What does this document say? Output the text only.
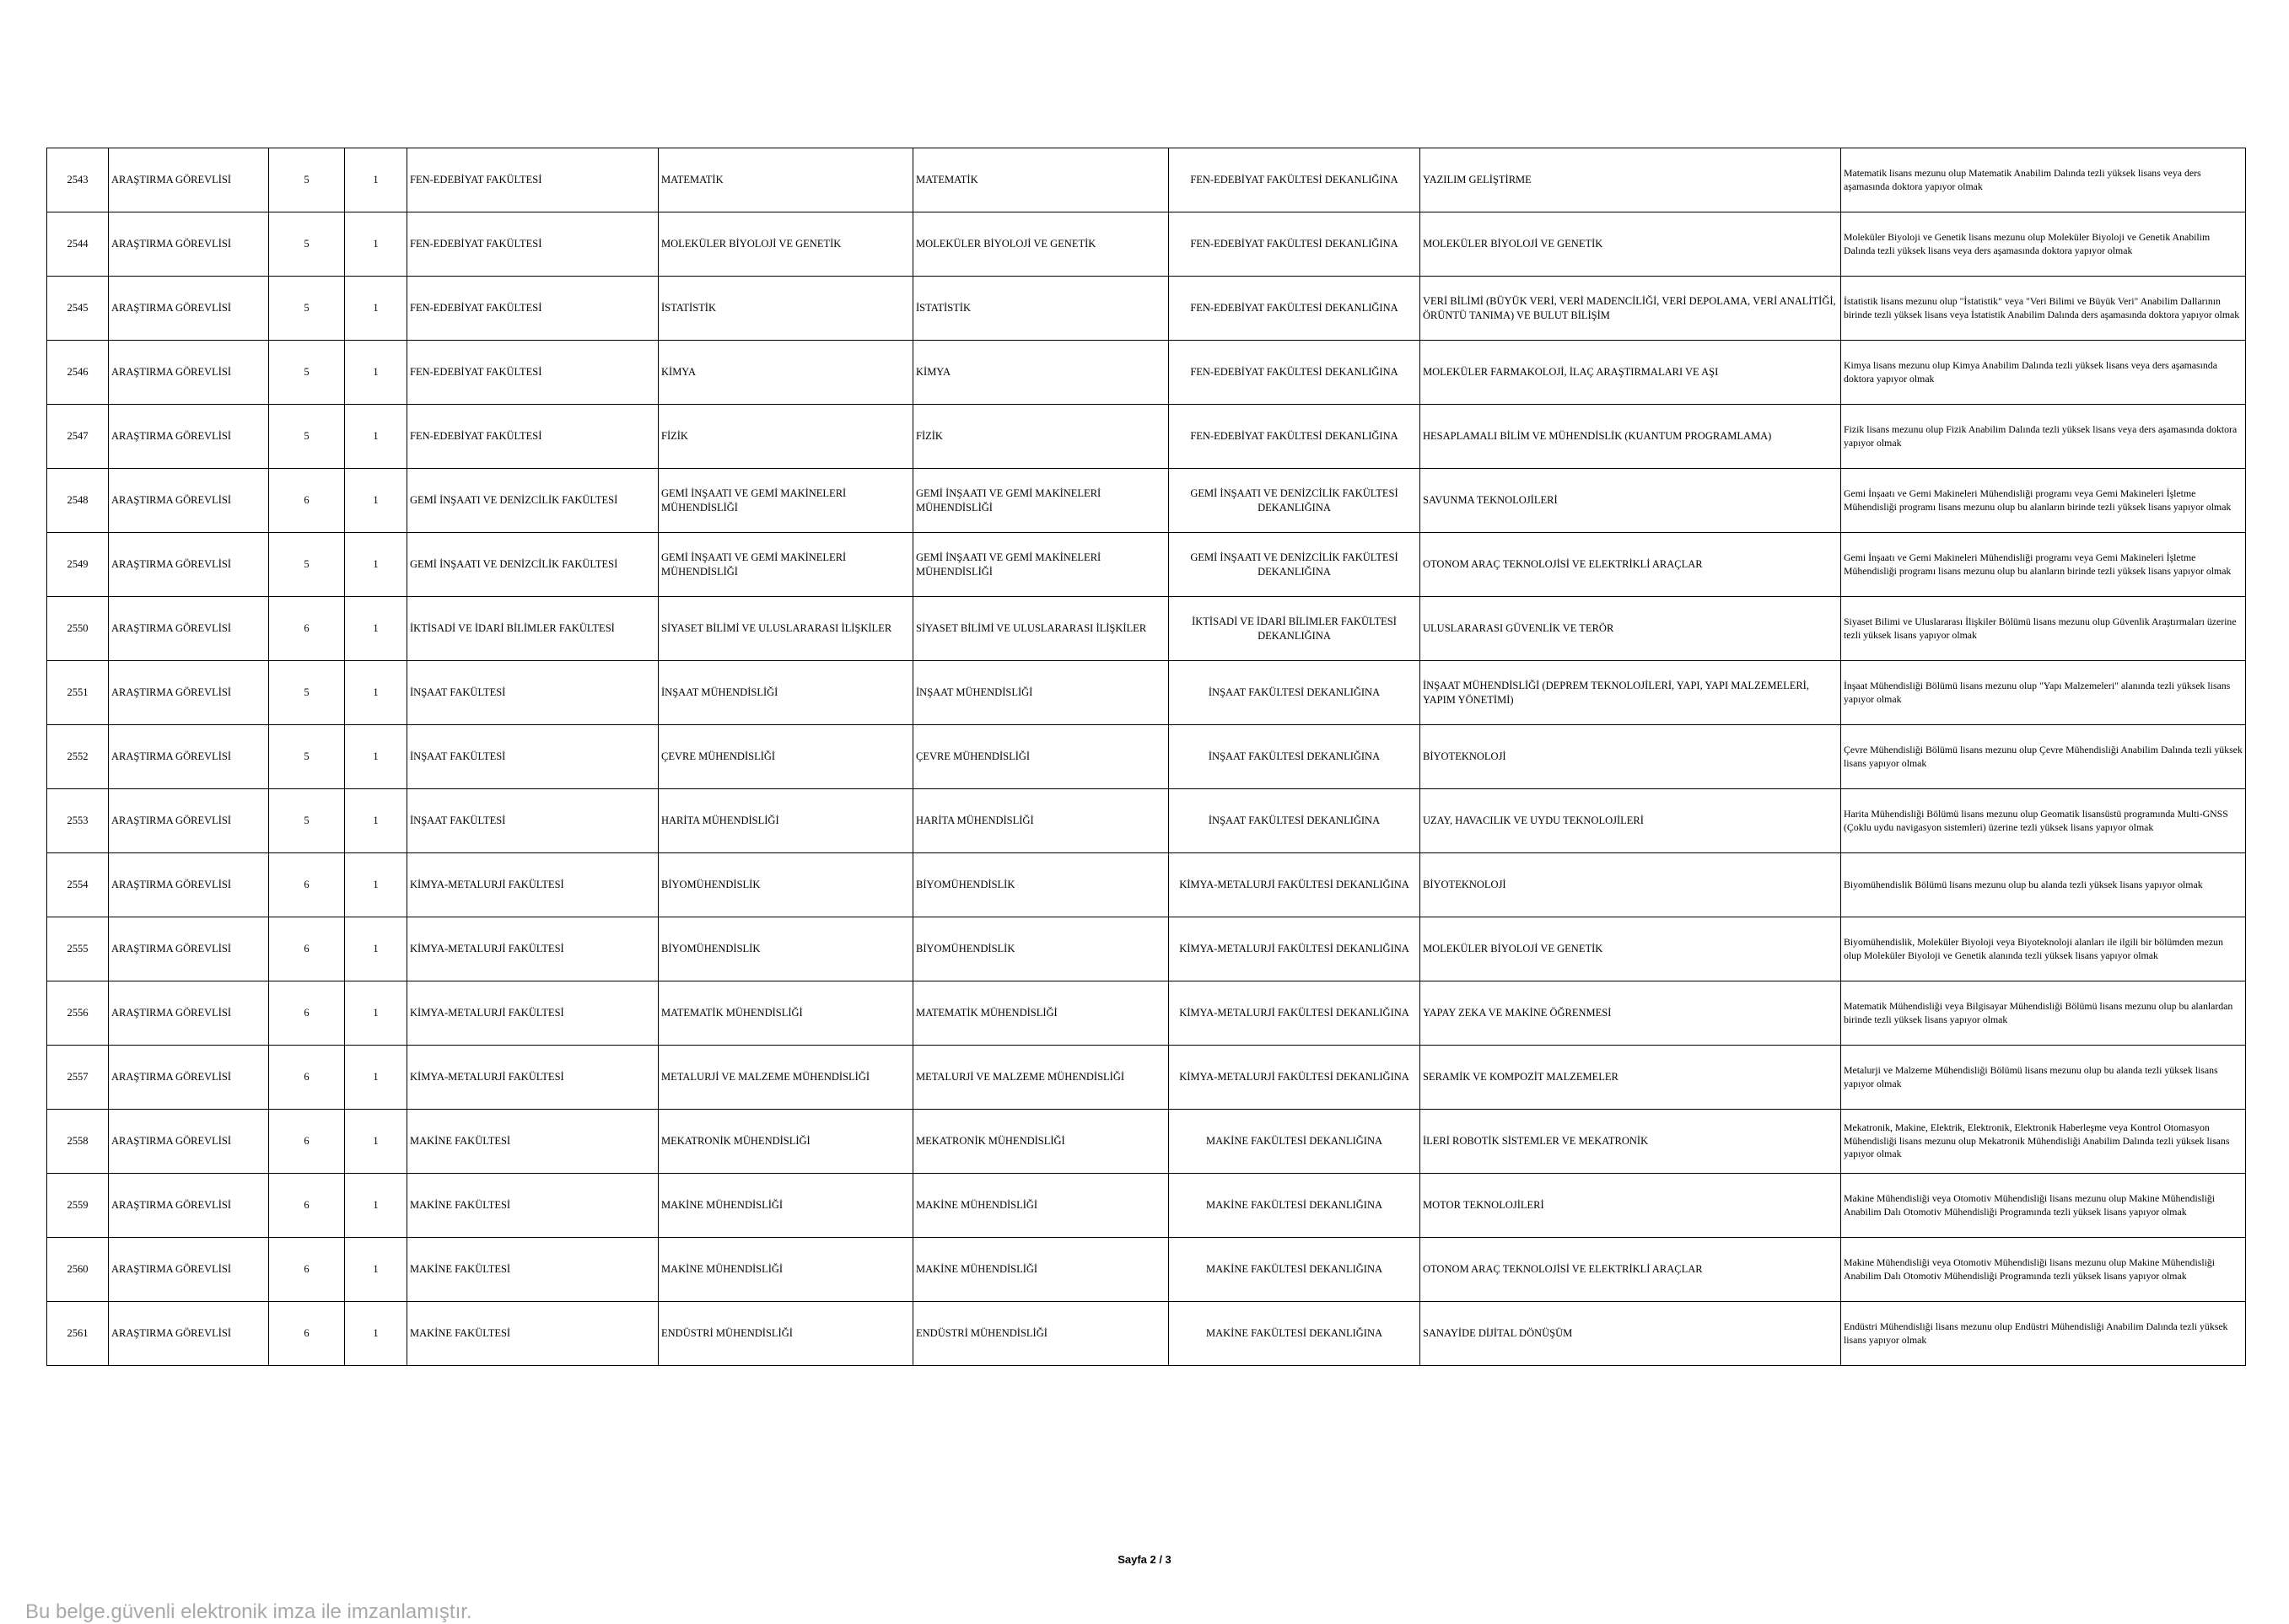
2543	ARAŞTIRMA GÖREVLİSİ	5	1	FEN-EDEBİYAT FAKÜLTESİ	MATEMATİK	MATEMATİK	FEN-EDEBİYAT FAKÜLTESİ DEKANLIĞINA	YAZILIM GELİŞTİRME	Matematik lisans mezunu olup Matematik Anabilim Dalında tezli yüksek lisans veya ders aşamasında doktora yapıyor olmak
2544	ARAŞTIRMA GÖREVLİSİ	5	1	FEN-EDEBİYAT FAKÜLTESİ	MOLEKÜLER BİYOLOJİ VE GENETİK	MOLEKÜLER BİYOLOJİ VE GENETİK	FEN-EDEBİYAT FAKÜLTESİ DEKANLIĞINA	MOLEKÜLER BİYOLOJİ VE GENETİK	Moleküler Biyoloji ve Genetik lisans mezunu olup Moleküler Biyoloji ve Genetik Anabilim Dalında tezli yüksek lisans veya ders aşamasında doktora yapıyor olmak
2545	ARAŞTIRMA GÖREVLİSİ	5	1	FEN-EDEBİYAT FAKÜLTESİ	İSTATİSTİK	İSTATİSTİK	FEN-EDEBİYAT FAKÜLTESİ DEKANLIĞINA	VERİ BİLİMİ (BÜYÜK VERİ, VERİ MADENCİLİĞİ, VERİ DEPOLAMA, VERİ ANALİTİĞİ, ÖRÜNTÜ TANIMA) VE BULUT BİLİŞİM	İstatistik lisans mezunu olup "İstatistik" veya "Veri Bilimi ve Büyük Veri" Anabilim Dallarının birinde tezli yüksek lisans veya İstatistik Anabilim Dalında ders aşamasında doktora yapıyor olmak
2546	ARAŞTIRMA GÖREVLİSİ	5	1	FEN-EDEBİYAT FAKÜLTESİ	KİMYA	KİMYA	FEN-EDEBİYAT FAKÜLTESİ DEKANLIĞINA	MOLEKÜLER FARMAKOLOJİ, İLAÇ ARAŞTIRMALARI VE AŞI	Kimya lisans mezunu olup Kimya Anabilim Dalında tezli yüksek lisans veya ders aşamasında doktora yapıyor olmak
2547	ARAŞTIRMA GÖREVLİSİ	5	1	FEN-EDEBİYAT FAKÜLTESİ	FİZİK	FİZİK	FEN-EDEBİYAT FAKÜLTESİ DEKANLIĞINA	HESAPLAMALI BİLİM VE MÜHENDİSLİK (KUANTUM PROGRAMLAMA)	Fizik lisans mezunu olup Fizik Anabilim Dalında tezli yüksek lisans veya ders aşamasında doktora yapıyor olmak
2548	ARAŞTIRMA GÖREVLİSİ	6	1	GEMİ İNŞAATI VE DENİZCİLİK FAKÜLTESİ	GEMİ İNŞAATI VE GEMİ MAKİNELERİ MÜHENDİSLİĞİ	GEMİ İNŞAATI VE GEMİ MAKİNELERİ MÜHENDİSLİĞİ	GEMİ İNŞAATI VE DENİZCİLİK FAKÜLTESİ DEKANLIĞINA	SAVUNMA TEKNOLOJİLERİ	Gemi İnşaatı ve Gemi Makineleri Mühendisliği programı veya Gemi Makineleri İşletme Mühendisliği programı lisans mezunu olup bu alanların birinde tezli yüksek lisans yapıyor olmak
2549	ARAŞTIRMA GÖREVLİSİ	5	1	GEMİ İNŞAATI VE DENİZCİLİK FAKÜLTESİ	GEMİ İNŞAATI VE GEMİ MAKİNELERİ MÜHENDİSLİĞİ	GEMİ İNŞAATI VE GEMİ MAKİNELERİ MÜHENDİSLİĞİ	GEMİ İNŞAATI VE DENİZCİLİK FAKÜLTESİ DEKANLIĞINA	OTONOM ARAÇ TEKNOLOJİSİ VE ELEKTRİKLİ ARAÇLAR	Gemi İnşaatı ve Gemi Makineleri Mühendisliği programı veya Gemi Makineleri İşletme Mühendisliği programı lisans mezunu olup bu alanların birinde tezli yüksek lisans yapıyor olmak
2550	ARAŞTIRMA GÖREVLİSİ	6	1	İKTİSADİ VE İDARİ BİLİMLER FAKÜLTESİ	SİYASET BİLİMİ VE ULUSLARARASI İLİŞKİLER	SİYASET BİLİMİ VE ULUSLARARASI İLİŞKİLER	İKTİSADİ VE İDARİ BİLİMLER FAKÜLTESİ DEKANLIĞINA	ULUSLARARASI GÜVENLİK VE TERÖR	Siyaset Bilimi ve Uluslararası İlişkiler Bölümü lisans mezunu olup Güvenlik Araştırmaları üzerine tezli yüksek lisans yapıyor olmak
2551	ARAŞTIRMA GÖREVLİSİ	5	1	İNŞAAT FAKÜLTESİ	İNŞAAT MÜHENDİSLİĞİ	İNŞAAT MÜHENDİSLİĞİ	İNŞAAT FAKÜLTESİ DEKANLIĞINA	İNŞAAT MÜHENDİSLİĞİ (DEPREM TEKNOLOJİLERİ, YAPI, YAPI MALZEMELERİ, YAPIM YÖNETİMİ)	İnşaat Mühendisliği Bölümü lisans mezunu olup "Yapı Malzemeleri" alanında tezli yüksek lisans yapıyor olmak
2552	ARAŞTIRMA GÖREVLİSİ	5	1	İNŞAAT FAKÜLTESİ	ÇEVRE MÜHENDİSLİĞİ	ÇEVRE MÜHENDİSLİĞİ	İNŞAAT FAKÜLTESİ DEKANLIĞINA	BİYOTEKNOLOJİ	Çevre Mühendisliği Bölümü lisans mezunu olup Çevre Mühendisliği Anabilim Dalında tezli yüksek lisans yapıyor olmak
2553	ARAŞTIRMA GÖREVLİSİ	5	1	İNŞAAT FAKÜLTESİ	HARİTA MÜHENDİSLİĞİ	HARİTA MÜHENDİSLİĞİ	İNŞAAT FAKÜLTESİ DEKANLIĞINA	UZAY, HAVACILIK VE UYDU TEKNOLOJİLERİ	Harita Mühendisliği Bölümü lisans mezunu olup Geomatik lisansüstü programında Multi-GNSS (Çoklu uydu navigasyon sistemleri) üzerine tezli yüksek lisans yapıyor olmak
2554	ARAŞTIRMA GÖREVLİSİ	6	1	KİMYA-METALURJİ FAKÜLTESİ	BİYOMÜHENDİSLİK	BİYOMÜHENDİSLİK	KİMYA-METALURJİ FAKÜLTESİ DEKANLIĞINA	BİYOTEKNOLOJİ	Biyomühendislik Bölümü lisans mezunu olup bu alanda tezli yüksek lisans yapıyor olmak
2555	ARAŞTIRMA GÖREVLİSİ	6	1	KİMYA-METALURJİ FAKÜLTESİ	BİYOMÜHENDİSLİK	BİYOMÜHENDİSLİK	KİMYA-METALURJİ FAKÜLTESİ DEKANLIĞINA	MOLEKÜLER BİYOLOJİ VE GENETİK	Biyomühendislik, Moleküler Biyoloji veya Biyoteknoloji alanları ile ilgili bir bölümden mezun olup Moleküler Biyoloji ve Genetik alanında tezli yüksek lisans yapıyor olmak
2556	ARAŞTIRMA GÖREVLİSİ	6	1	KİMYA-METALURJİ FAKÜLTESİ	MATEMATİK MÜHENDİSLİĞİ	MATEMATİK MÜHENDİSLİĞİ	KİMYA-METALURJİ FAKÜLTESİ DEKANLIĞINA	YAPAY ZEKA VE MAKİNE ÖĞRENMESİ	Matematik Mühendisliği veya Bilgisayar Mühendisliği Bölümü lisans mezunu olup bu alanlardan birinde tezli yüksek lisans yapıyor olmak
2557	ARAŞTIRMA GÖREVLİSİ	6	1	KİMYA-METALURJİ FAKÜLTESİ	METALURJİ VE MALZEME MÜHENDİSLİĞİ	METALURJİ VE MALZEME MÜHENDİSLİĞİ	KİMYA-METALURJİ FAKÜLTESİ DEKANLIĞINA	SERAMİK VE KOMPOZİT MALZEMELER	Metalurji ve Malzeme Mühendisliği Bölümü lisans mezunu olup bu alanda tezli yüksek lisans yapıyor olmak
2558	ARAŞTIRMA GÖREVLİSİ	6	1	MAKİNE FAKÜLTESİ	MEKATRONİK MÜHENDİSLİĞİ	MEKATRONİK MÜHENDİSLİĞİ	MAKİNE FAKÜLTESİ DEKANLIĞINA	İLERİ ROBOTİK SİSTEMLER VE MEKATRONİK	Mekatronik, Makine, Elektrik, Elektronik, Elektronik Haberleşme veya Kontrol Otomasyon Mühendisliği lisans mezunu olup Mekatronik Mühendisliği Anabilim Dalında tezli yüksek lisans yapıyor olmak
2559	ARAŞTIRMA GÖREVLİSİ	6	1	MAKİNE FAKÜLTESİ	MAKİNE MÜHENDİSLİĞİ	MAKİNE MÜHENDİSLİĞİ	MAKİNE FAKÜLTESİ DEKANLIĞINA	MOTOR TEKNOLOJİLERİ	Makine Mühendisliği veya Otomotiv Mühendisliği lisans mezunu olup Makine Mühendisliği Anabilim Dalı Otomotiv Mühendisliği Programında tezli yüksek lisans yapıyor olmak
2560	ARAŞTIRMA GÖREVLİSİ	6	1	MAKİNE FAKÜLTESİ	MAKİNE MÜHENDİSLİĞİ	MAKİNE MÜHENDİSLİĞİ	MAKİNE FAKÜLTESİ DEKANLIĞINA	OTONOM ARAÇ TEKNOLOJİSİ VE ELEKTRİKLİ ARAÇLAR	Makine Mühendisliği veya Otomotiv Mühendisliği lisans mezunu olup Makine Mühendisliği Anabilim Dalı Otomotiv Mühendisliği Programında tezli yüksek lisans yapıyor olmak
2561	ARAŞTIRMA GÖREVLİSİ	6	1	MAKİNE FAKÜLTESİ	ENDÜSTRİ MÜHENDİSLİĞİ	ENDÜSTRİ MÜHENDİSLİĞİ	MAKİNE FAKÜLTESİ DEKANLIĞINA	SANAYİDE DİJİTAL DÖNÜŞÜM	Endüstri Mühendisliği lisans mezunu olup Endüstri Mühendisliği Anabilim Dalında tezli yüksek lisans yapıyor olmak
Sayfa 2 / 3
Bu belge.güvenli elektronik imza ile imzanlamıştır.
